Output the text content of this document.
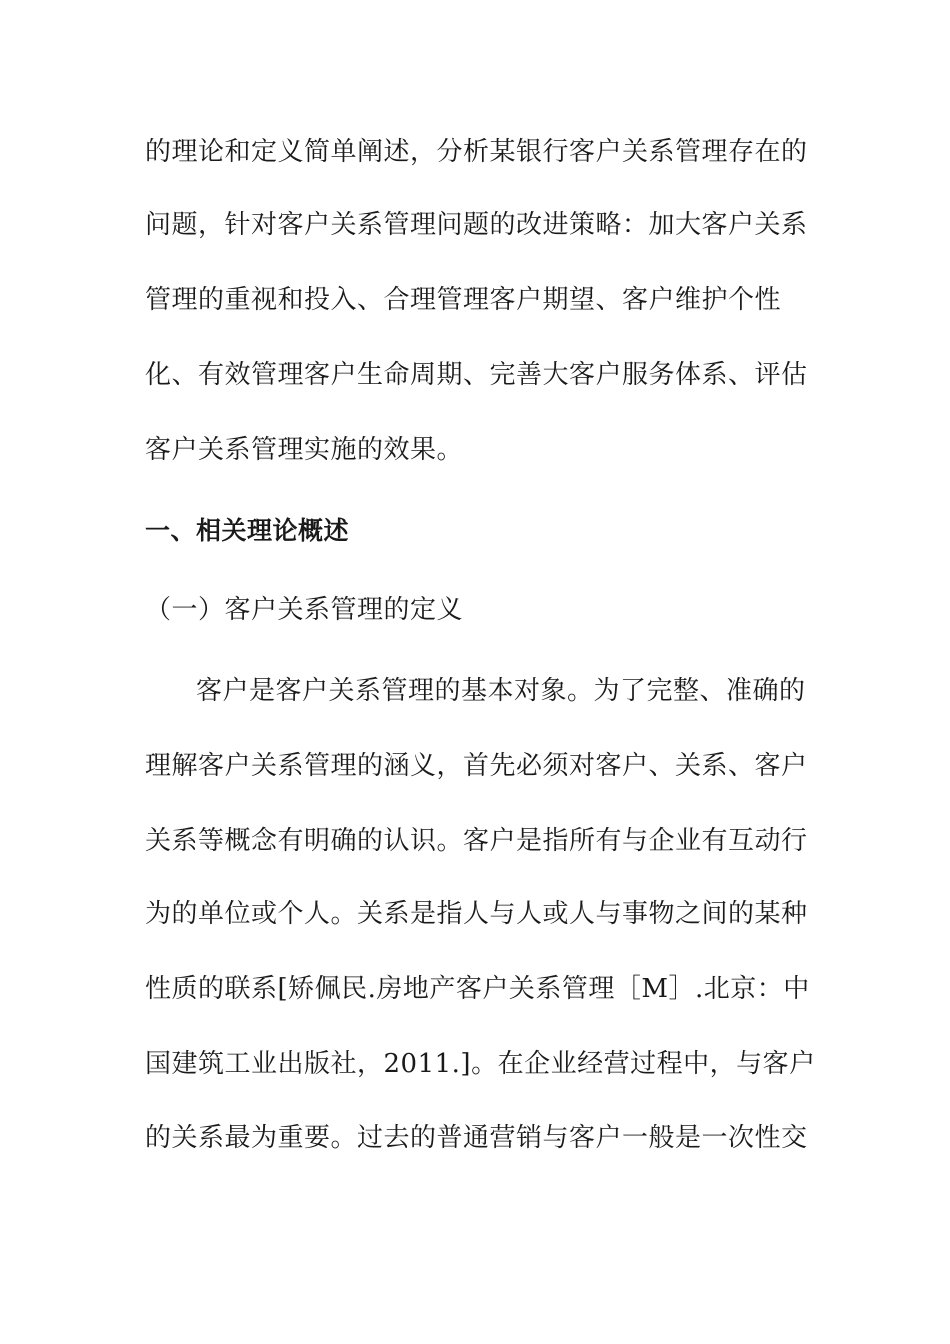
的理论和定义简单阐述，分析某银行客户关系管理存在的
问题，针对客户关系管理问题的改进策略：加大客户关系
管理的重视和投入、合理管理客户期望、客户维护个性
化、有效管理客户生命周期、完善大客户服务体系、评估
客户关系管理实施的效果。
一、相关理论概述
（一）客户关系管理的定义
客户是客户关系管理的基本对象。为了完整、准确的
理解客户关系管理的涵义，首先必须对客户、关系、客户
关系等概念有明确的认识。客户是指所有与企业有互动行
为的单位或个人。关系是指人与人或人与事物之间的某种
性质的联系[矫佩民.房地产客户关系管理［M］.北京：中
国建筑工业出版社，2011.]。在企业经营过程中，与客户
的关系最为重要。过去的普通营销与客户一般是一次性交
